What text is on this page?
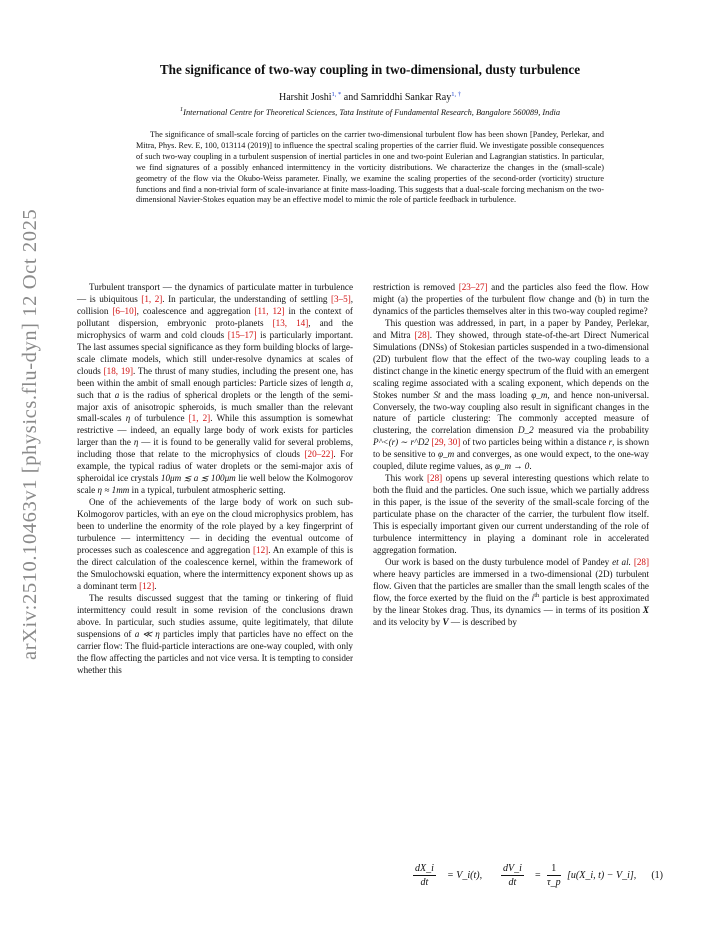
arXiv:2510.10463v1 [physics.flu-dyn] 12 Oct 2025
The significance of two-way coupling in two-dimensional, dusty turbulence
Harshit Joshi$^{1, *}$ and Samriddhi Sankar Ray$^{1, \dagger}$
$^1$International Centre for Theoretical Sciences, Tata Institute of Fundamental Research, Bangalore 560089, India
The significance of small-scale forcing of particles on the carrier two-dimensional turbulent flow has been shown [Pandey, Perlekar, and Mitra, Phys. Rev. E, 100, 013114 (2019)] to influence the spectral scaling properties of the carrier fluid. We investigate possible consequences of such two-way coupling in a turbulent suspension of inertial particles in one and two-point Eulerian and Lagrangian statistics. In particular, we find signatures of a possibly enhanced intermittency in the vorticity distributions. We characterize the changes in the (small-scale) geometry of the flow via the Okubo-Weiss parameter. Finally, we examine the scaling properties of the second-order (vorticity) structure functions and find a non-trivial form of scale-invariance at finite mass-loading. This suggests that a dual-scale forcing mechanism on the two-dimensional Navier-Stokes equation may be an effective model to mimic the role of particle feedback in turbulence.

Turbulent transport — the dynamics of particulate matter in turbulence — is ubiquitous [1, 2]. In particular, the understanding of settling [3–5], collision [6–10], coalescence and aggregation [11, 12] in the context of pollutant dispersion, embryonic proto-planets [13, 14], and the microphysics of warm and cold clouds [15–17] is particularly important. The last assumes special significance as they form building blocks of large-scale climate models, which still under-resolve dynamics at scales of clouds [18, 19]. The thrust of many studies, including the present one, has been within the ambit of small enough particles: Particle sizes of length a, such that a is the radius of spherical droplets or the length of the semi-major axis of anisotropic spheroids, is much smaller than the relevant small-scales η of turbulence [1, 2]. While this assumption is somewhat restrictive — indeed, an equally large body of work exists for particles larger than the η — it is found to be generally valid for several problems, including those that relate to the microphysics of clouds [20–22]. For example, the typical radius of water droplets or the semi-major axis of spheroidal ice crystals 10μm ≲ a ≲ 100μm lie well below the Kolmogorov scale η ≈ 1mm in a typical, turbulent atmospheric setting.

One of the achievements of the large body of work on such sub-Kolmogorov particles, with an eye on the cloud microphysics problem, has been to underline the enormity of the role played by a key fingerprint of turbulence — intermittency — in deciding the eventual outcome of processes such as coalescence and aggregation [12]. An example of this is the direct calculation of the coalescence kernel, within the framework of the Smulochowski equation, where the intermittency exponent shows up as a dominant term [12].

The results discussed suggest that the taming or tinkering of fluid intermittency could result in some revision of the conclusions drawn above. In particular, such studies assume, quite legitimately, that dilute suspensions of a ≪ η particles imply that particles have no effect on the carrier flow: The fluid-particle interactions are one-way coupled, with only the flow affecting the particles and not vice versa. It is tempting to consider whether this

restriction is removed [23–27] and the particles also feed the flow. How might (a) the properties of the turbulent flow change and (b) in turn the dynamics of the particles themselves alter in this two-way coupled regime?

This question was addressed, in part, in a paper by Pandey, Perlekar, and Mitra [28]. They showed, through state-of-the-art Direct Numerical Simulations (DNSs) of Stokesian particles suspended in a two-dimensional (2D) turbulent flow that the effect of the two-way coupling leads to a distinct change in the kinetic energy spectrum of the fluid with an emergent scaling regime associated with a scaling exponent, which depends on the Stokes number St and the mass loading φ_m, and hence non-universal. Conversely, the two-way coupling also result in significant changes in the nature of particle clustering: The commonly accepted measure of clustering, the correlation dimension D_2 measured via the probability P^<(r) ∼ r^D2 [29, 30] of two particles being within a distance r, is shown to be sensitive to φ_m and converges, as one would expect, to the one-way coupled, dilute regime values, as φ_m → 0.

This work [28] opens up several interesting questions which relate to both the fluid and the particles. One such issue, which we partially address in this paper, is the issue of the severity of the small-scale forcing of the particulate phase on the character of the carrier, the turbulent flow itself. This is especially important given our current understanding of the role of turbulence intermittency in playing a dominant role in accelerated aggregation formation.

Our work is based on the dusty turbulence model of Pandey et al. [28] where heavy particles are immersed in a two-dimensional (2D) turbulent flow. Given that the particles are smaller than the small length scales of the flow, the force exerted by the fluid on the $i^{th}$ particle is best approximated by the linear Stokes drag. Thus, its dynamics — in terms of its position X and its velocity by V — is described by

$\frac{dX\_i}{dt}$ = V_i(t), $\frac{dV\_i}{dt} = \frac{1}{\tau\_p}$ [u(X_i, t) − V_i], (1)
